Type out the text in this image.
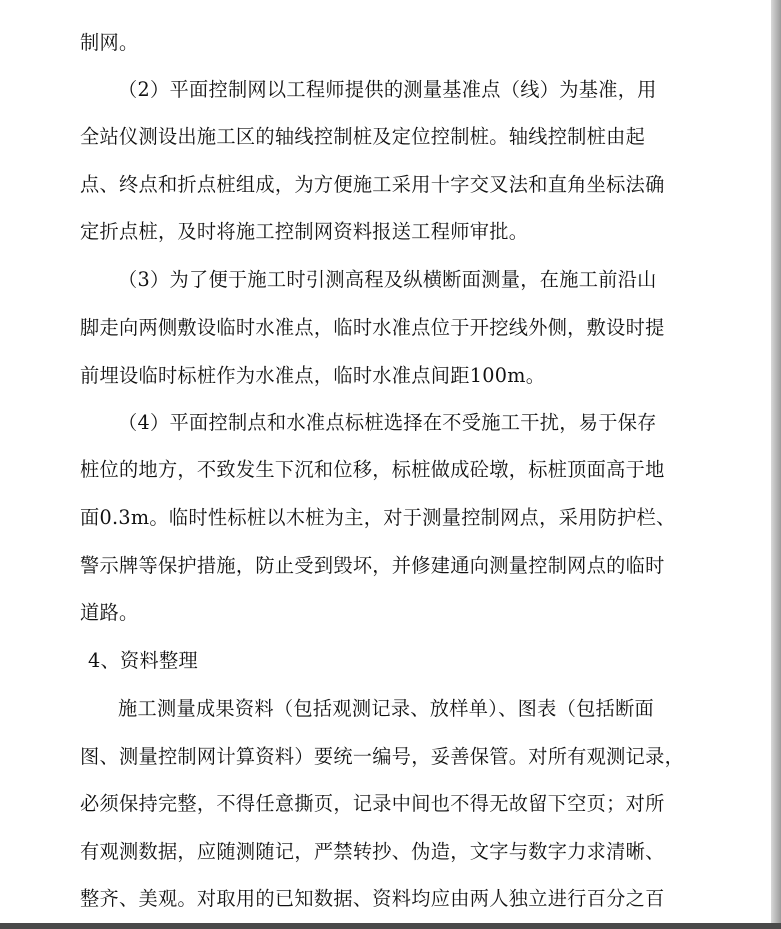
制网。
（2）平面控制网以工程师提供的测量基准点（线）为基准，用
全站仪测设出施工区的轴线控制桩及定位控制桩。轴线控制桩由起
点、终点和折点桩组成，为方便施工采用十字交叉法和直角坐标法确
定折点桩，及时将施工控制网资料报送工程师审批。
（3）为了便于施工时引测高程及纵横断面测量，在施工前沿山
脚走向两侧敷设临时水准点，临时水准点位于开挖线外侧，敷设时提
前埋设临时标桩作为水准点，临时水准点间距100m。
（4）平面控制点和水准点标桩选择在不受施工干扰，易于保存
桩位的地方，不致发生下沉和位移，标桩做成砼墩，标桩顶面高于地
面0.3m。临时性标桩以木桩为主，对于测量控制网点，采用防护栏、
警示牌等保护措施，防止受到毁坏，并修建通向测量控制网点的临时
道路。
4、资料整理
施工测量成果资料（包括观测记录、放样单）、图表（包括断面
图、测量控制网计算资料）要统一编号，妥善保管。对所有观测记录，
必须保持完整，不得任意撕页，记录中间也不得无故留下空页；对所
有观测数据，应随测随记，严禁转抄、伪造，文字与数字力求清晰、
整齐、美观。对取用的已知数据、资料均应由两人独立进行百分之百
